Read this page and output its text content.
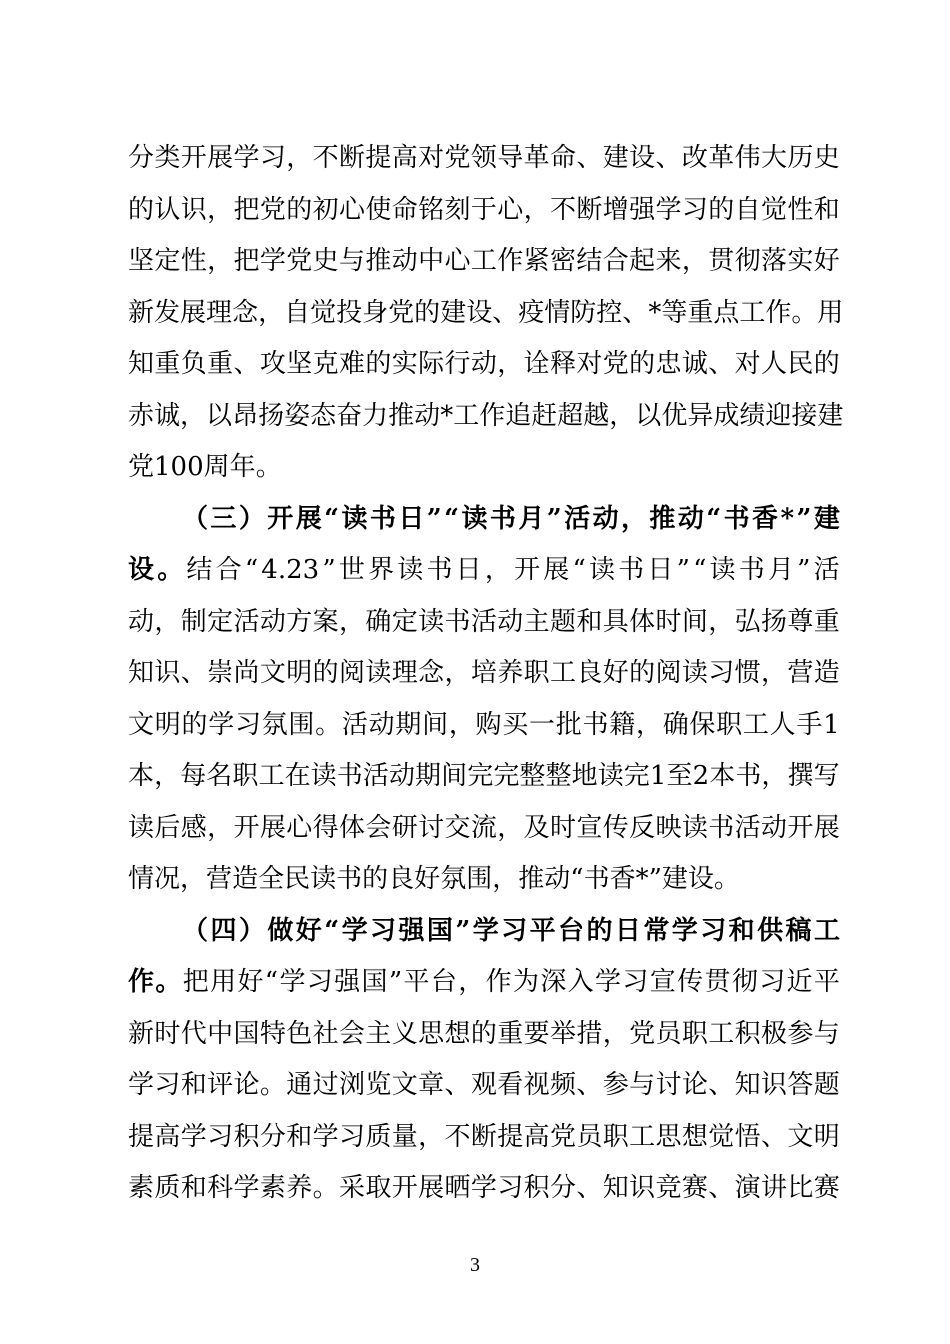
分 类 开 展 学 习 ， 不 断 提 高 对 党 领 导 革 命 、 建 设 、 改 革 伟 大 历 史
的 认 识 ， 把 党 的 初 心 使 命 铭 刻 于 心 ， 不 断 增 强 学 习 的 自 觉 性 和
坚 定 性 ， 把 学 党 史 与 推 动 中 心 工 作 紧 密 结 合 起 来 ， 贯 彻 落 实 好
新 发 展 理 念 ， 自 觉 投 身 党 的 建 设 、 疫 情 防 控 、 * 等 重 点 工 作 。 用
知 重 负 重 、 攻 坚 克 难 的 实 际 行 动 ， 诠 释 对 党 的 忠 诚 、 对 人 民 的
赤 诚 ， 以 昂 扬 姿 态 奋 力 推 动 * 工 作 追 赶 超 越 ， 以 优 异 成 绩 迎 接 建
党 100 周 年 。
（ 三 ） 开 展 “ 读 书 日 ” “ 读 书 月 ” 活 动 ， 推 动 “ 书 香 * ” 建
设 。 结 合 “ 4.23 ” 世 界 读 书 日 ， 开 展 “ 读 书 日 ” “ 读 书 月 ” 活
动 ， 制 定 活 动 方 案 ， 确 定 读 书 活 动 主 题 和 具 体 时 间 ， 弘 扬 尊 重
知 识 、 崇 尚 文 明 的 阅 读 理 念 ， 培 养 职 工 良 好 的 阅 读 习 惯 ， 营 造
文 明 的 学 习 氛 围 。 活 动 期 间 ， 购 买 一 批 书 籍 ， 确 保 职 工 人 手 1
本 ， 每 名 职 工 在 读 书 活 动 期 间 完 完 整 整 地 读 完 1 至 2 本 书 ， 撰 写
读 后 感 ， 开 展 心 得 体 会 研 讨 交 流 ， 及 时 宣 传 反 映 读 书 活 动 开 展
情 况 ， 营 造 全 民 读 书 的 良 好 氛 围 ， 推 动 “ 书 香 * ” 建 设 。
（ 四 ） 做 好 “ 学 习 强 国 ” 学 习 平 台 的 日 常 学 习 和 供 稿 工
作 。 把 用 好 “ 学 习 强 国 ” 平 台 ， 作 为 深 入 学 习 宣 传 贯 彻 习 近 平
新 时 代 中 国 特 色 社 会 主 义 思 想 的 重 要 举 措 ， 党 员 职 工 积 极 参 与
学 习 和 评 论 。 通 过 浏 览 文 章 、 观 看 视 频 、 参 与 讨 论 、 知 识 答 题
提 高 学 习 积 分 和 学 习 质 量 ， 不 断 提 高 党 员 职 工 思 想 觉 悟 、 文 明
素 质 和 科 学 素 养 。 采 取 开 展 晒 学 习 积 分 、 知 识 竞 赛 、 演 讲 比 赛
3
